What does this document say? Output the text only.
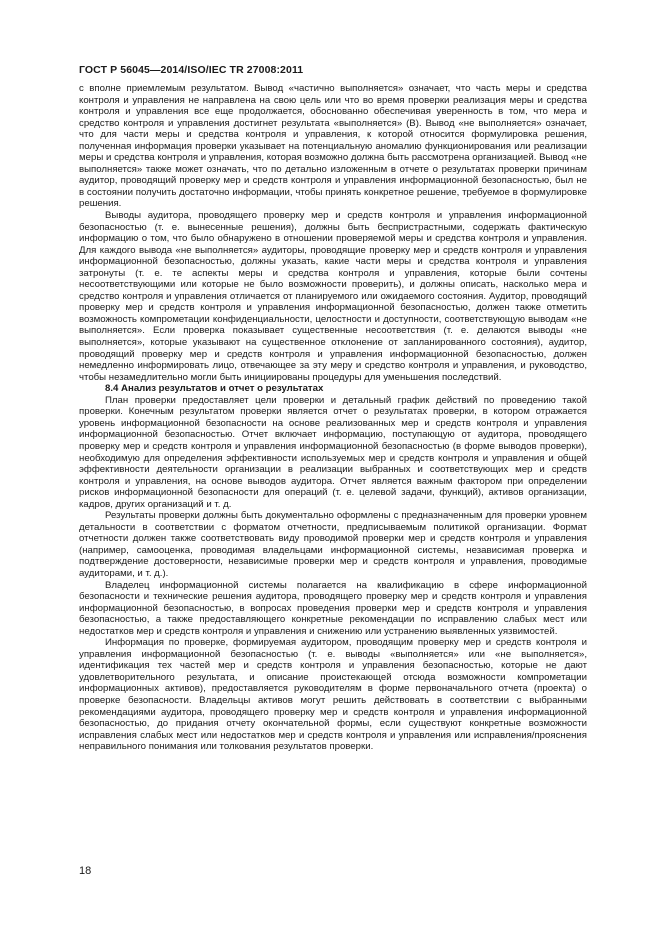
ГОСТ Р 56045—2014/ISO/IEC TR 27008:2011

с вполне приемлемым результатом. Вывод «частично выполняется» означает, что часть меры и средства контроля и управления не направлена на свою цель или что во время проверки реализация меры и средства контроля и управления все еще продолжается, обоснованно обеспечивая уверенность в том, что мера и средство контроля и управления достигнет результата «выполняется» (В). Вывод «не выполняется» означает, что для части меры и средства контроля и управления, к которой относится формулировка решения, полученная информация проверки указывает на потенциальную аномалию функционирования или реализации меры и средства контроля и управления, которая возможно должна быть рассмотрена организацией. Вывод «не выполняется» также может означать, что по детально изложенным в отчете о результатах проверки причинам аудитор, проводящий проверку мер и средств контроля и управления информационной безопасностью, был не в состоянии получить достаточно информации, чтобы принять конкретное решение, требуемое в формулировке решения.

Выводы аудитора, проводящего проверку мер и средств контроля и управления информационной безопасностью (т. е. вынесенные решения), должны быть беспристрастными, содержать фактическую информацию о том, что было обнаружено в отношении проверяемой меры и средства контроля и управления. Для каждого вывода «не выполняется» аудиторы, проводящие проверку мер и средств контроля и управления информационной безопасностью, должны указать, какие части меры и средства контроля и управления затронуты (т. е. те аспекты меры и средства контроля и управления, которые были сочтены несоответствующими или которые не было возможности проверить), и должны описать, насколько мера и средство контроля и управления отличается от планируемого или ожидаемого состояния. Аудитор, проводящий проверку мер и средств контроля и управления информационной безопасностью, должен также отметить возможность компрометации конфиденциальности, целостности и доступности, соответствующую выводам «не выполняется». Если проверка показывает существенные несоответствия (т. е. делаются выводы «не выполняется», которые указывают на существенное отклонение от запланированного состояния), аудитор, проводящий проверку мер и средств контроля и управления информационной безопасностью, должен немедленно информировать лицо, отвечающее за эту меру и средство контроля и управления, и руководство, чтобы незамедлительно могли быть инициированы процедуры для уменьшения последствий.

8.4 Анализ результатов и отчет о результатах

План проверки предоставляет цели проверки и детальный график действий по проведению такой проверки. Конечным результатом проверки является отчет о результатах проверки, в котором отражается уровень информационной безопасности на основе реализованных мер и средств контроля и управления информационной безопасностью. Отчет включает информацию, поступающую от аудитора, проводящего проверку мер и средств контроля и управления информационной безопасностью (в форме выводов проверки), необходимую для определения эффективности используемых мер и средств контроля и управления и общей эффективности деятельности организации в реализации выбранных и соответствующих мер и средств контроля и управления, на основе выводов аудитора. Отчет является важным фактором при определении рисков информационной безопасности для операций (т. е. целевой задачи, функций), активов организации, кадров, других организаций и т. д.

Результаты проверки должны быть документально оформлены с предназначенным для проверки уровнем детальности в соответствии с форматом отчетности, предписываемым политикой организации. Формат отчетности должен также соответствовать виду проводимой проверки мер и средств контроля и управления (например, самооценка, проводимая владельцами информационной системы, независимая проверка и подтверждение достоверности, независимые проверки мер и средств контроля и управления, проводимые аудиторами, и т. д.).

Владелец информационной системы полагается на квалификацию в сфере информационной безопасности и технические решения аудитора, проводящего проверку мер и средств контроля и управления информационной безопасностью, в вопросах проведения проверки мер и средств контроля и управления безопасностью, а также предоставляющего конкретные рекомендации по исправлению слабых мест или недостатков мер и средств контроля и управления и снижению или устранению выявленных уязвимостей.

Информация по проверке, формируемая аудитором, проводящим проверку мер и средств контроля и управления информационной безопасностью (т. е. выводы «выполняется» или «не выполняется», идентификация тех частей мер и средств контроля и управления безопасностью, которые не дают удовлетворительного результата, и описание проистекающей отсюда возможности компрометации информационных активов), предоставляется руководителям в форме первоначального отчета (проекта) о проверке безопасности. Владельцы активов могут решить действовать в соответствии с выбранными рекомендациями аудитора, проводящего проверку мер и средств контроля и управления информационной безопасностью, до придания отчету окончательной формы, если существуют конкретные возможности исправления слабых мест или недостатков мер и средств контроля и управления или исправления/прояснения неправильного понимания или толкования результатов проверки.

18
